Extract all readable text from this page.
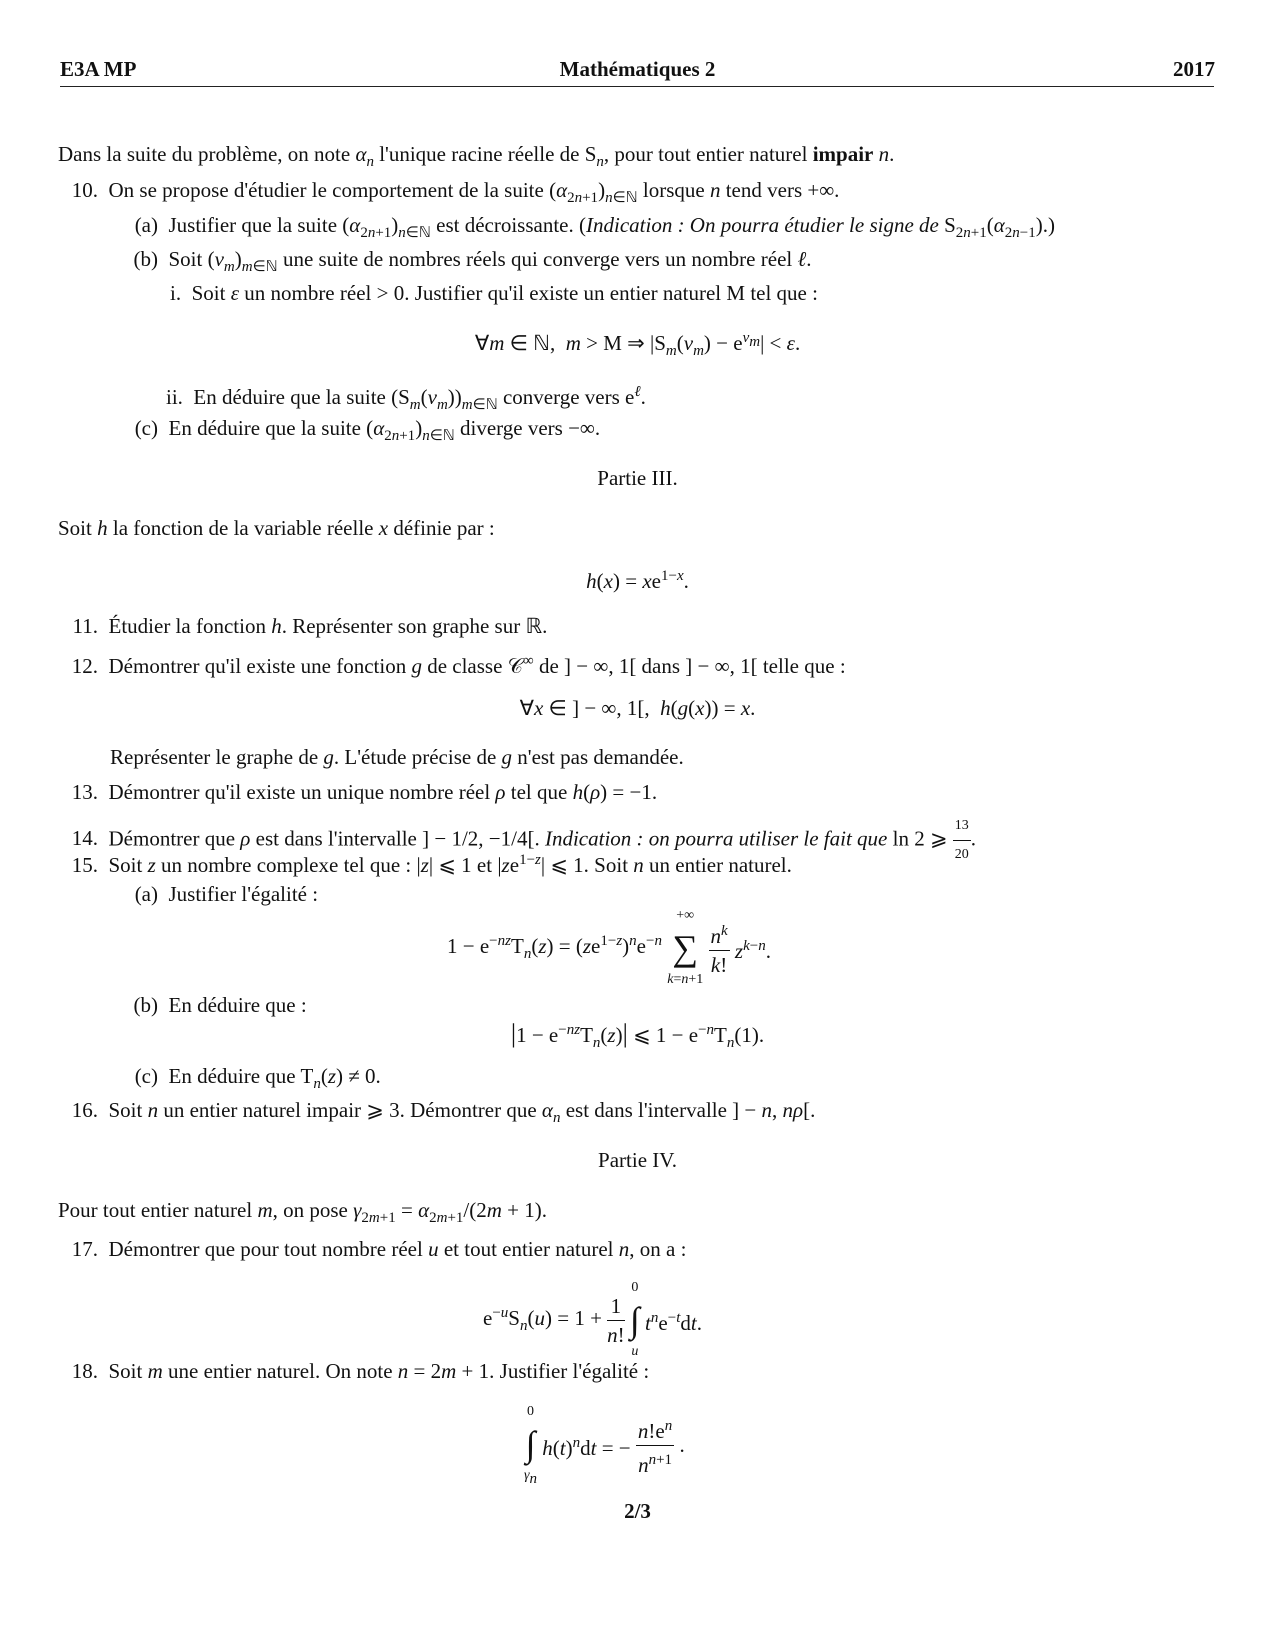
E3A MP	Mathématiques 2	2017
Dans la suite du problème, on note $\alpha_n$ l'unique racine réelle de $S_n$, pour tout entier naturel impair n.
10.  On se propose d'étudier le comportement de la suite $(\alpha_{2n+1})_{n\in ℕ}$ lorsque n tend vers +∞.
(a)  Justifier que la suite $(\alpha_{2n+1})_{n\in ℕ}$ est décroissante. (Indication : On pourra étudier le signe de $S_{2n+1}(\alpha_{2n-1})$.)
(b)  Soit $(v_m)_{m\in ℕ}$ une suite de nombres réels qui converge vers un nombre réel ℓ.
i.  Soit ε un nombre réel > 0. Justifier qu'il existe un entier naturel M tel que :
∀m ∈ ℕ,  m > M ⇒ $|S_m(v_m) - e^{v_m}| < \varepsilon$.
ii.  En déduire que la suite $(S_m(v_m))_{m\in ℕ}$ converge vers $e^\ell$.
(c)  En déduire que la suite $(\alpha_{2n+1})_{n\in ℕ}$ diverge vers −∞.
Partie III.
Soit h la fonction de la variable réelle x définie par :
$h(x) = xe^{1-x}$.
11.  Étudier la fonction h. Représenter son graphe sur ℝ.
12.  Démontrer qu'il existe une fonction g de classe 𝒞∞ de ] − ∞, 1[ dans ] − ∞, 1[ telle que :
∀x ∈ ] − ∞, 1[,  h(g(x)) = x.
Représenter le graphe de g. L'étude précise de g n'est pas demandée.
13.  Démontrer qu'il existe un unique nombre réel ρ tel que h(ρ) = −1.
14.  Démontrer que ρ est dans l'intervalle ] − 1/2, −1/4[. Indication : on pourra utiliser le fait que ln 2 ⩾ $\frac{13}{20}$ .
15.  Soit z un nombre complexe tel que : |z| ⩽ 1 et $|ze^{1-z}|$ ⩽ 1. Soit n un entier naturel.
(a)  Justifier l'égalité :
$1 - e^{-nz}T_n(z) = (ze^{1-z})^ne^{-n}$
+∞
∑
k=n+1

$\frac{n^k}{k!} z^{k-n}$.
(b)  En déduire que :
$|1 - e^{-nz}T_n(z)|$ ⩽ $1 - e^{-n}T_n(1)$.
(c)  En déduire que $T_n(z) \ne 0$.
16.  Soit n un entier naturel impair ⩾ 3. Démontrer que $\alpha_n$ est dans l'intervalle ] − n, nρ[.
Partie IV.
Pour tout entier naturel m, on pose $\gamma_{2m+1} = \alpha_{2m+1}/(2m + 1)$.
17.  Démontrer que pour tout nombre réel u et tout entier naturel n, on a :
$e^{-u}S_n(u) = 1 + \frac{1}{n!}$

0
∫
u
$t^ne^{-t}dt$.
18.  Soit m une entier naturel. On note n = 2m + 1. Justifier l'égalité :
0
∫
$\gamma_n$
$h(t)^ndt$ = − $\frac{n!e^n}{n^{n+1}}$ .
2/3
